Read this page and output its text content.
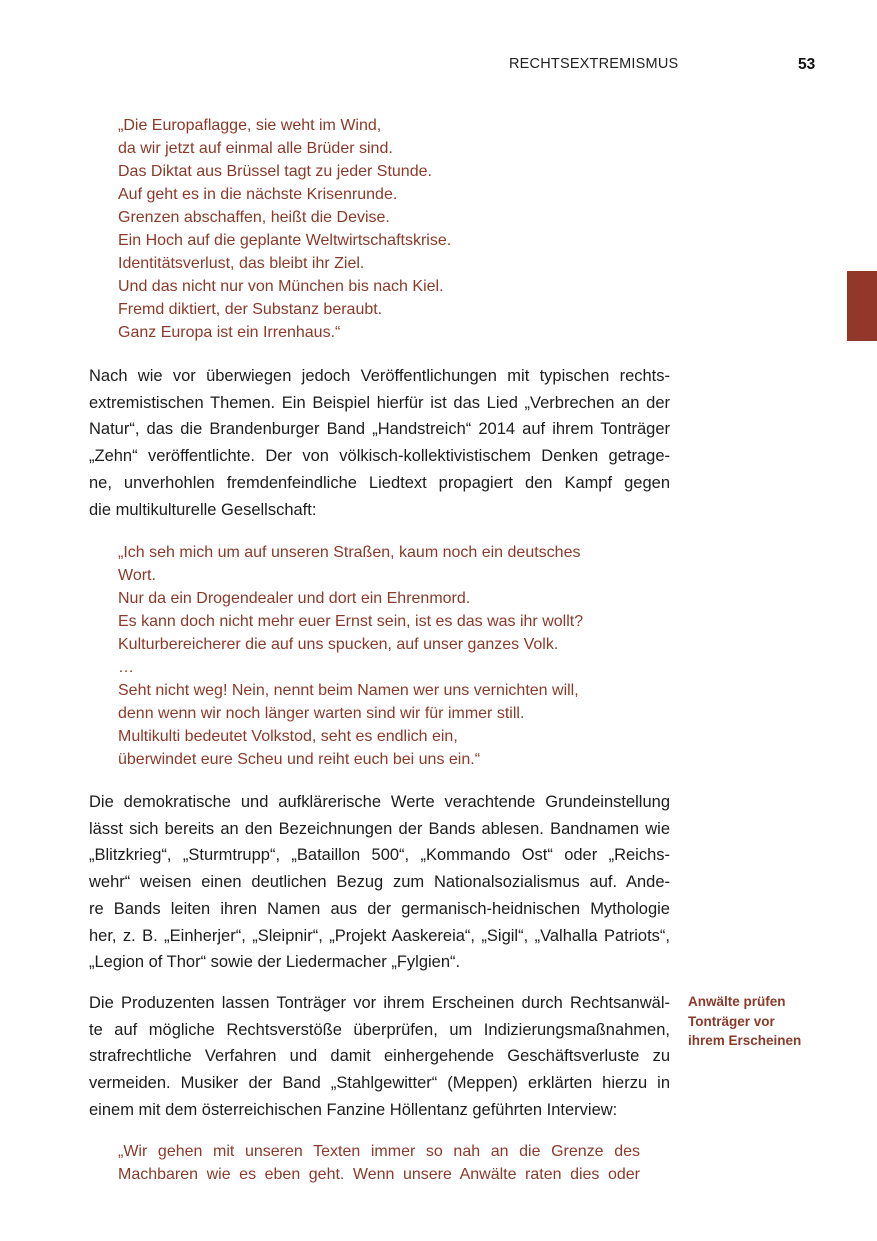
RECHTSEXTREMISMUS	53
„Die Europaflagge, sie weht im Wind,
da wir jetzt auf einmal alle Brüder sind.
Das Diktat aus Brüssel tagt zu jeder Stunde.
Auf geht es in die nächste Krisenrunde.
Grenzen abschaffen, heißt die Devise.
Ein Hoch auf die geplante Weltwirtschaftskrise.
Identitätsverlust, das bleibt ihr Ziel.
Und das nicht nur von München bis nach Kiel.
Fremd diktiert, der Substanz beraubt.
Ganz Europa ist ein Irrenhaus.“
Nach wie vor überwiegen jedoch Veröffentlichungen mit typischen rechts-
extremistischen Themen. Ein Beispiel hierfür ist das Lied „Verbrechen an der
Natur“, das die Brandenburger Band „Handstreich“ 2014 auf ihrem Tonträger
„Zehn“ veröffentlichte. Der von völkisch-kollektivistischem Denken getrage-
ne, unverhohlen fremdenfeindliche Liedtext propagiert den Kampf gegen
die multikulturelle Gesellschaft:
„Ich seh mich um auf unseren Straßen, kaum noch ein deutsches
Wort.
Nur da ein Drogendealer und dort ein Ehrenmord.
Es kann doch nicht mehr euer Ernst sein, ist es das was ihr wollt?
Kulturbereicherer die auf uns spucken, auf unser ganzes Volk.
…
Seht nicht weg! Nein, nennt beim Namen wer uns vernichten will,
denn wenn wir noch länger warten sind wir für immer still.
Multikulti bedeutet Volkstod, seht es endlich ein,
überwindet eure Scheu und reiht euch bei uns ein.“
Die demokratische und aufklärerische Werte verachtende Grundeinstellung
lässt sich bereits an den Bezeichnungen der Bands ablesen. Bandnamen wie
„Blitzkrieg“, „Sturmtrupp“, „Bataillon 500“, „Kommando Ost“ oder „Reichs-
wehr“ weisen einen deutlichen Bezug zum Nationalsozialismus auf. Ande-
re Bands leiten ihren Namen aus der germanisch-heidnischen Mythologie
her, z. B. „Einherjer“, „Sleipnir“, „Projekt Aaskereia“, „Sigil“, „Valhalla Patriots“,
„Legion of Thor“ sowie der Liedermacher „Fylgien“.
Anwälte prüfen
Tonträger vor
ihrem Erscheinen
Die Produzenten lassen Tonträger vor ihrem Erscheinen durch Rechtsanwäl-
te auf mögliche Rechtsverstöße überprüfen, um Indizierungsmaßnahmen,
strafrechtliche Verfahren und damit einhergehende Geschäftsverluste zu
vermeiden. Musiker der Band „Stahlgewitter“ (Meppen) erklärten hierzu in
einem mit dem österreichischen Fanzine Höllentanz geführten Interview:
„Wir gehen mit unseren Texten immer so nah an die Grenze des
Machbaren wie es eben geht. Wenn unsere Anwälte raten dies oder
